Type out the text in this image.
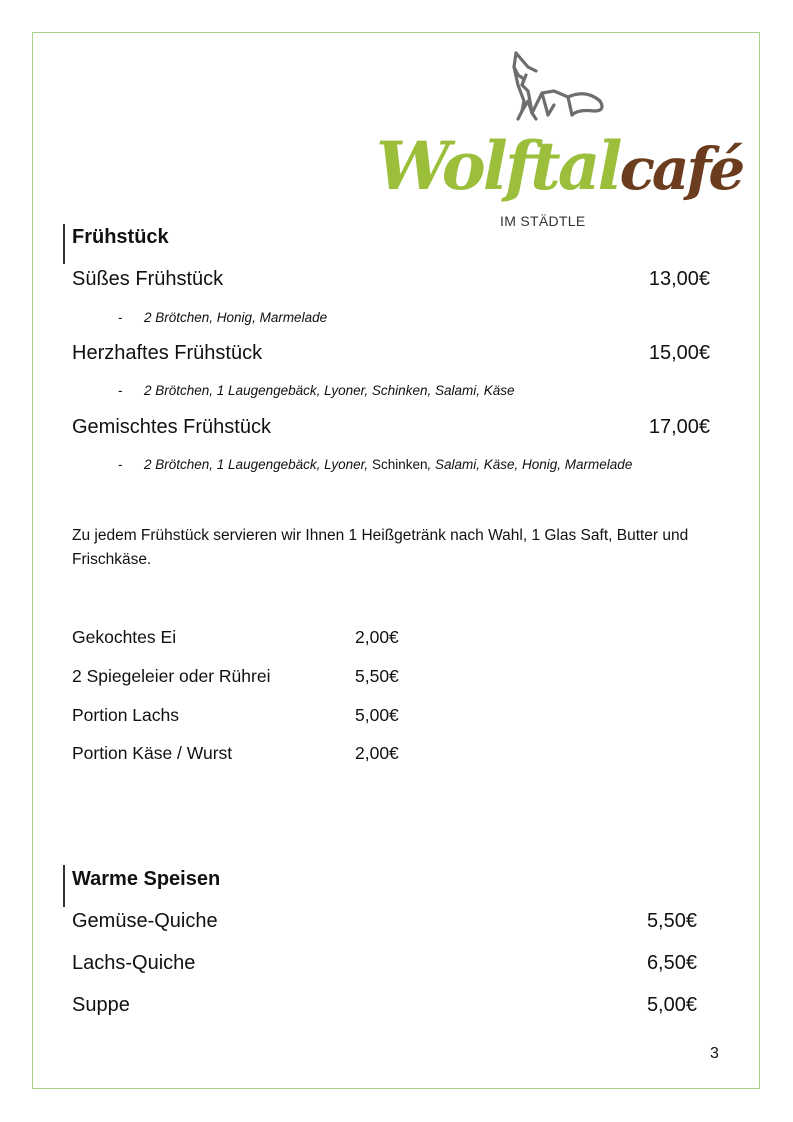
Wolftalcafé
IM STÄDTLE
Frühstück
Süßes Frühstück	13,00€
- 2 Brötchen, Honig, Marmelade
Herzhaftes Frühstück	15,00€
- 2 Brötchen, 1 Laugengebäck, Lyoner, Schinken, Salami, Käse
Gemischtes Frühstück	17,00€
- 2 Brötchen, 1 Laugengebäck, Lyoner, Schinken, Salami, Käse, Honig, Marmelade
Zu jedem Frühstück servieren wir Ihnen 1 Heißgetränk nach Wahl, 1 Glas Saft, Butter und Frischkäse.
Gekochtes Ei	2,00€
2 Spiegeleier oder Rührei	5,50€
Portion Lachs	5,00€
Portion Käse / Wurst	2,00€
Warme Speisen
Gemüse-Quiche	5,50€
Lachs-Quiche	6,50€
Suppe	5,00€
3
